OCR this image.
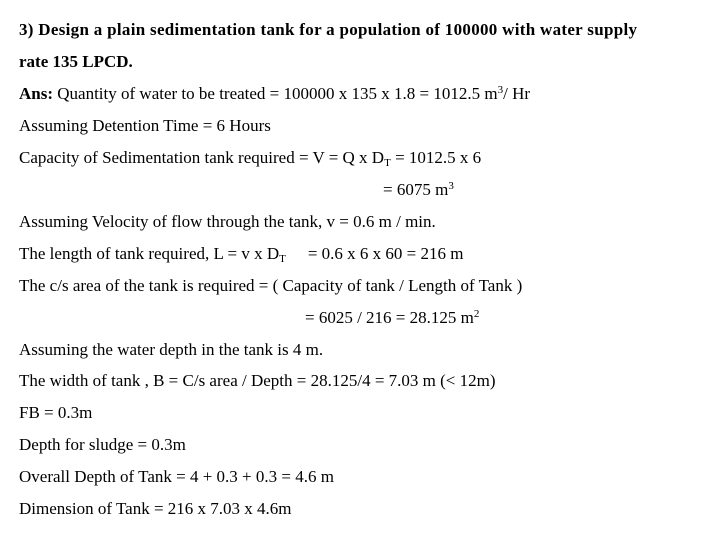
3) Design a plain sedimentation tank for a population of 100000 with water supply
rate 135 LPCD.
Ans: Quantity of water to be treated = 100000 x 135 x 1.8 = 1012.5 $m^3/$ Hr
Assuming Detention Time = 6 Hours
Capacity of Sedimentation tank required = V = Q x $D_T = 1012.5$ x 6
= 6075 $m^3$
Assuming Velocity of flow through the tank, v = 0.6 m / min.
The length of tank required, L = v x $D_T = 0.6$ x 6 x 60 = 216 m
The c/s area of the tank is required = ( Capacity of tank / Length of Tank )
= 6025 / 216 = 28.125 $m^2$
Assuming the water depth in the tank is 4 m.
The width of tank , B = C/s area / Depth = 28.125/4 = 7.03 m (< 12m)
FB = 0.3m
Depth for sludge = 0.3m
Overall Depth of Tank = 4 + 0.3 + 0.3 = 4.6 m
Dimension of Tank = 216 x 7.03 x 4.6m
